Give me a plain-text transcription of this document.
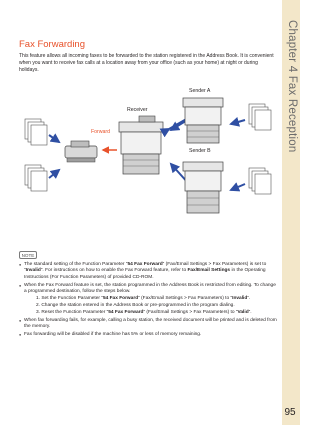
Chapter 4 Fax Reception
Fax Forwarding

This feature allows all incoming faxes to be forwarded to the station registered in the Address Book. It is convenient when you want to receive fax calls at a location away from your office (such as your home) at night or during holidays.

Forward
Receiver
Sender A
Sender B
NOTE
● The standard setting of the Function Parameter “54 Fax Forward” (Fax/Email Settings > Fax Parameters) is set to “Invalid”. For instructions on how to enable the Fax Forward feature, refer to Fax/Email Settings in the Operating Instructions (For Function Parameters) of provided CD-ROM.
● When the Fax Forward feature is set, the station programmed in the Address Book is restricted from editing. To change a programmed destination, follow the steps below.
1. Set the Function Parameter “54 Fax Forward” (Fax/Email Settings > Fax Parameters) to “Invalid”.
2. Change the station entered in the Address Book or pre-programmed in the program dialing.
3. Reset the Function Parameter “54 Fax Forward” (Fax/Email Settings > Fax Parameters) to “Valid”.
● When fax forwarding fails, for example, calling a busy station, the received document will be printed and is deleted from the memory.
● Fax forwarding will be disabled if the machine has 5% or less of memory remaining.
95
